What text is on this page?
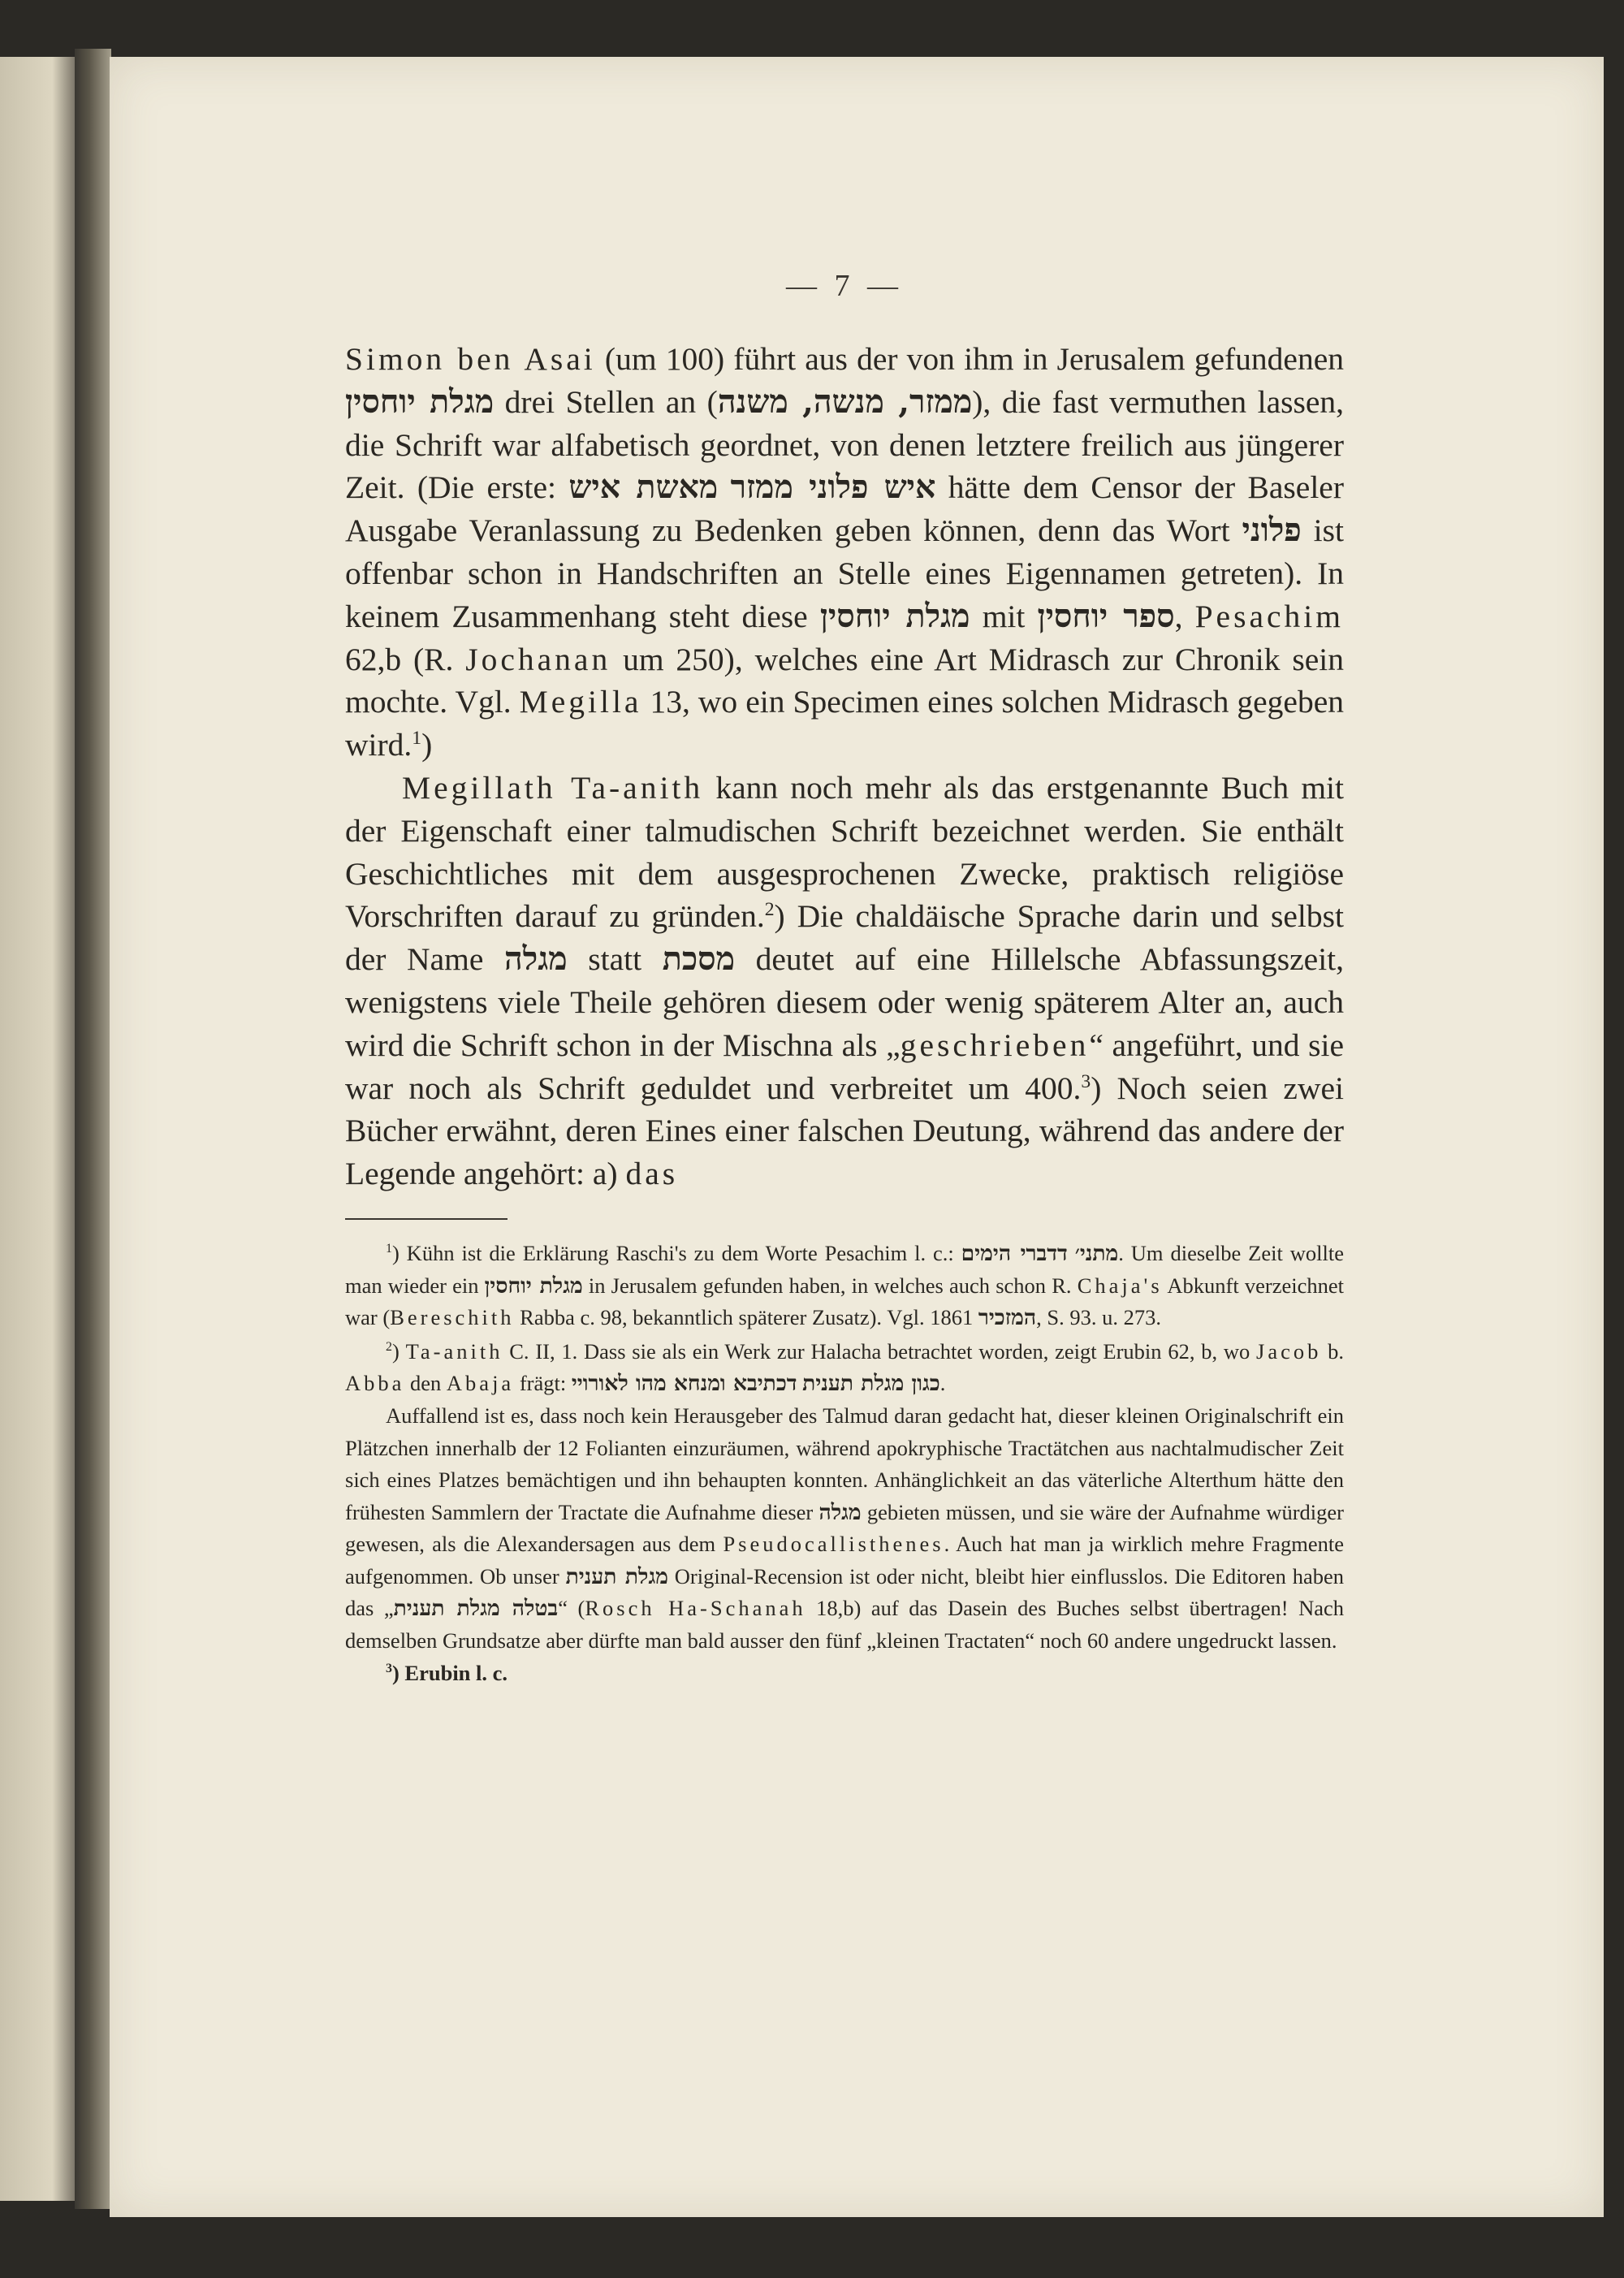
— 7 —

Simon ben Asai (um 100) führt aus der von ihm in Jerusalem gefundenen מגלת יוחסין drei Stellen an (ממזר, מנשה, משנה), die fast vermuthen lassen, die Schrift war alfabetisch geordnet, von denen letztere freilich aus jüngerer Zeit. (Die erste:	איש פלוני ממזר מאשת איש	hätte dem Censor der Baseler Ausgabe Veranlassung zu Bedenken geben können, denn das Wort פלוני ist offenbar schon in Handschriften an Stelle eines Eigennamen getreten). In keinem Zusammenhang steht diese מגלת יוחסין mit ספר יוחסין, Pesachim 62,b (R. Jochanan um 250), welches eine Art Midrasch zur Chronik sein mochte. Vgl. Megilla 13, wo ein Specimen eines solchen Midrasch gegeben wird.$^1$)

Megillath Ta-anith kann noch mehr als das erstgenannte Buch mit der Eigenschaft einer talmudischen Schrift bezeichnet werden. Sie enthält Geschichtliches mit dem ausgesprochenen Zwecke, praktisch religiöse Vorschriften darauf zu gründen.$^2$) Die chaldäische Sprache darin und selbst der Name מגלה statt מסכת deutet auf eine Hillelsche Abfassungszeit, wenigstens viele Theile gehören diesem oder wenig späterem Alter an, auch wird die Schrift schon in der Mischna als „geschrieben“ angeführt, und sie war noch als Schrift geduldet und verbreitet um 400.$^3$) Noch seien zwei Bücher erwähnt, deren Eines einer falschen Deutung, während das andere der Legende angehört: a) das

$^1$) Kühn ist die Erklärung Raschi's zu dem Worte Pesachim l. c.:	מתני׳ דדברי הימים . Um dieselbe Zeit wollte man wieder ein מגלת יוחסין in Jerusalem gefunden haben, in welches auch schon R. Chaja's Abkunft verzeichnet war (Bereschith Rabba c. 98, bekanntlich späterer Zusatz). Vgl. המזכיר 1861, S. 93. u. 273.

$^2$) Ta-anith C. II, 1. Dass sie als ein Werk zur Halacha betrachtet worden, zeigt Erubin 62, b, wo Jacob b. Abba den Abaja frägt:	כגון מגלת תענית דכתיבא ומנחא מהו לאורויי	.

Auffallend ist es, dass noch kein Herausgeber des Talmud daran gedacht hat, dieser kleinen Originalschrift ein Plätzchen innerhalb der 12 Folianten einzuräumen, während apokryphische Tractätchen aus nachtalmudischer Zeit sich eines Platzes bemächtigen und ihn behaupten konnten. Anhänglichkeit an das väterliche Alterthum hätte den frühesten Sammlern der Tractate die Aufnahme dieser מגלה gebieten müssen, und sie wäre der Aufnahme würdiger gewesen, als die Alexandersagen aus dem Pseudocallisthenes. Auch hat man ja wirklich mehre Fragmente aufgenommen. Ob unser מגלת תענית Original-Recension ist oder nicht, bleibt hier einflusslos. Die Editoren haben das „בטלה מגלת תענית“ (Rosch Ha-Schanah 18,b) auf das Dasein des Buches selbst übertragen! Nach demselben Grundsatze aber dürfte man bald ausser den fünf „kleinen Tractaten“ noch 60 andere ungedruckt lassen.

$^3$) Erubin l. c.
